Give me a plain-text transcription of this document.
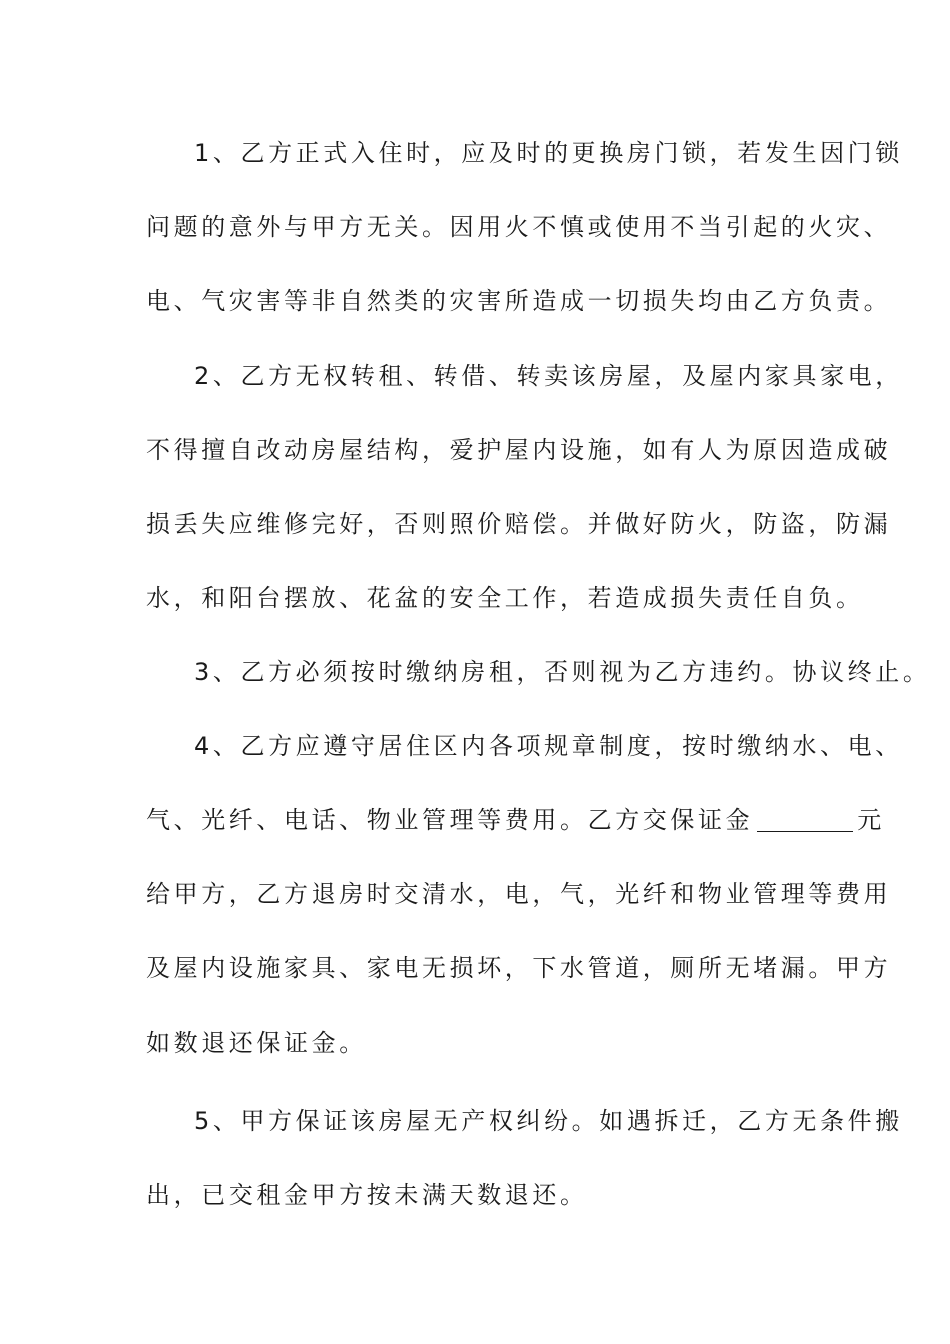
1、乙方正式入住时，应及时的更换房门锁，若发生因门锁

问题的意外与甲方无关。因用火不慎或使用不当引起的火灾、

电、气灾害等非自然类的灾害所造成一切损失均由乙方负责。

2、乙方无权转租、转借、转卖该房屋，及屋内家具家电，

不得擅自改动房屋结构，爱护屋内设施，如有人为原因造成破

损丢失应维修完好，否则照价赔偿。并做好防火，防盗，防漏

水，和阳台摆放、花盆的安全工作，若造成损失责任自负。

3、乙方必须按时缴纳房租，否则视为乙方违约。协议终止。

4、乙方应遵守居住区内各项规章制度，按时缴纳水、电、

气、光纤、电话、物业管理等费用。乙方交保证金	元

给甲方，乙方退房时交清水，电，气，光纤和物业管理等费用

及屋内设施家具、家电无损坏，下水管道，厕所无堵漏。甲方

如数退还保证金。

5、甲方保证该房屋无产权纠纷。如遇拆迁，乙方无条件搬

出，已交租金甲方按未满天数退还。
